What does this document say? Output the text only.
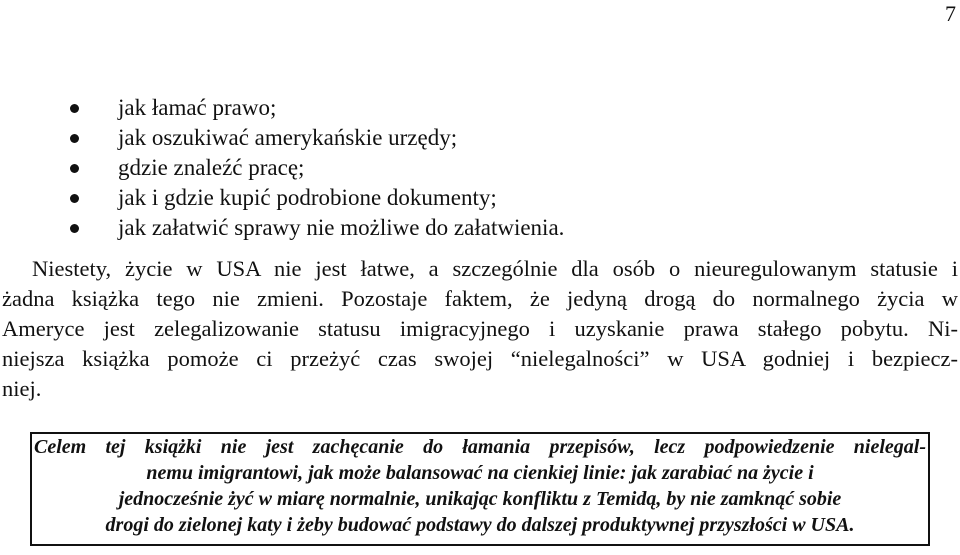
7
jak łamać prawo;
jak oszukiwać amerykańskie urzędy;
gdzie znaleźć pracę;
jak i gdzie kupić podrobione dokumenty;
jak załatwić sprawy nie możliwe do załatwienia.
Niestety, życie w USA nie jest łatwe, a szczególnie dla osób o nieuregulowanym statusie i
żadna książka tego nie zmieni. Pozostaje faktem, że jedyną drogą do normalnego życia w
Ameryce jest zelegalizowanie statusu imigracyjnego i uzyskanie prawa stałego pobytu. Ni-
niejsza książka pomoże ci przeżyć czas swojej “nielegalności” w USA godniej i bezpiecz-
niej.
Celem tej książki nie jest zachęcanie do łamania przepisów, lecz podpowiedzenie nielegal-
nemu imigrantowi, jak może balansować na cienkiej linie: jak zarabiać na życie i
jednocześnie żyć w miarę normalnie, unikając konfliktu z Temidą, by nie zamknąć sobie
drogi do zielonej katy i żeby budować podstawy do dalszej produktywnej przyszłości w USA.
